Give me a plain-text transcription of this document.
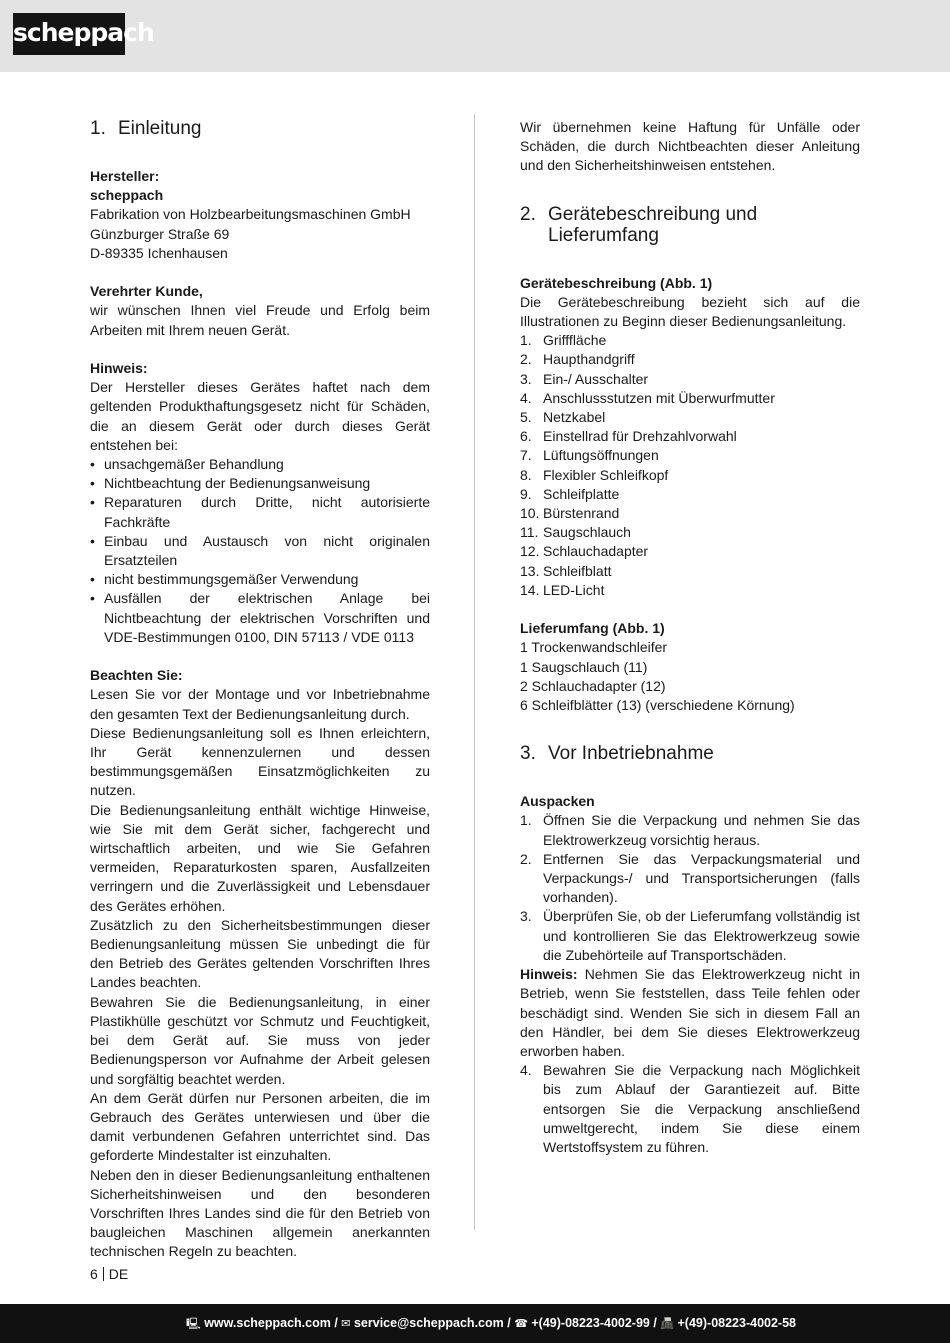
scheppach
1. Einleitung
Hersteller:
scheppach
Fabrikation von Holzbearbeitungsmaschinen GmbH
Günzburger Straße 69
D-89335 Ichenhausen
Verehrter Kunde,
wir wünschen Ihnen viel Freude und Erfolg beim Arbeiten mit Ihrem neuen Gerät.
Hinweis:
Der Hersteller dieses Gerätes haftet nach dem geltenden Produkthaftungsgesetz nicht für Schäden, die an diesem Gerät oder durch dieses Gerät entstehen bei:
• unsachgemäßer Behandlung
• Nichtbeachtung der Bedienungsanweisung
• Reparaturen durch Dritte, nicht autorisierte Fachkräfte
• Einbau und Austausch von nicht originalen Ersatzteilen
• nicht bestimmungsgemäßer Verwendung
• Ausfällen der elektrischen Anlage bei Nichtbeachtung der elektrischen Vorschriften und VDE-Bestimmungen 0100, DIN 57113 / VDE 0113
Beachten Sie:
Lesen Sie vor der Montage und vor Inbetriebnahme den gesamten Text der Bedienungsanleitung durch.
Diese Bedienungsanleitung soll es Ihnen erleichtern, Ihr Gerät kennenzulernen und dessen bestimmungsgemäßen Einsatzmöglichkeiten zu nutzen.
Die Bedienungsanleitung enthält wichtige Hinweise, wie Sie mit dem Gerät sicher, fachgerecht und wirtschaftlich arbeiten, und wie Sie Gefahren vermeiden, Reparaturkosten sparen, Ausfallzeiten verringern und die Zuverlässigkeit und Lebensdauer des Gerätes erhöhen.
Zusätzlich zu den Sicherheitsbestimmungen dieser Bedienungsanleitung müssen Sie unbedingt die für den Betrieb des Gerätes geltenden Vorschriften Ihres Landes beachten.
Bewahren Sie die Bedienungsanleitung, in einer Plastikhülle geschützt vor Schmutz und Feuchtigkeit, bei dem Gerät auf. Sie muss von jeder Bedienungsperson vor Aufnahme der Arbeit gelesen und sorgfältig beachtet werden.
An dem Gerät dürfen nur Personen arbeiten, die im Gebrauch des Gerätes unterwiesen und über die damit verbundenen Gefahren unterrichtet sind. Das geforderte Mindestalter ist einzuhalten.
Neben den in dieser Bedienungsanleitung enthaltenen Sicherheitshinweisen und den besonderen Vorschriften Ihres Landes sind die für den Betrieb von baugleichen Maschinen allgemein anerkannten technischen Regeln zu beachten.
Wir übernehmen keine Haftung für Unfälle oder Schäden, die durch Nichtbeachten dieser Anleitung und den Sicherheitshinweisen entstehen.
2. Gerätebeschreibung und
Lieferumfang
Gerätebeschreibung (Abb. 1)
Die Gerätebeschreibung bezieht sich auf die Illustrationen zu Beginn dieser Bedienungsanleitung.
1. Grifffläche
2. Haupthandgriff
3. Ein-/ Ausschalter
4. Anschlussstutzen mit Überwurfmutter
5. Netzkabel
6. Einstellrad für Drehzahlvorwahl
7. Lüftungsöffnungen
8. Flexibler Schleifkopf
9. Schleifplatte
10. Bürstenrand
11. Saugschlauch
12. Schlauchadapter
13. Schleifblatt
14. LED-Licht
Lieferumfang (Abb. 1)
1 Trockenwandschleifer
1 Saugschlauch (11)
2 Schlauchadapter (12)
6 Schleifblätter (13) (verschiedene Körnung)
3. Vor Inbetriebnahme
Auspacken
1. Öffnen Sie die Verpackung und nehmen Sie das Elektrowerkzeug vorsichtig heraus.
2. Entfernen Sie das Verpackungsmaterial und Verpackungs-/ und Transportsicherungen (falls vorhanden).
3. Überprüfen Sie, ob der Lieferumfang vollständig ist und kontrollieren Sie das Elektrowerkzeug sowie die Zubehörteile auf Transportschäden.
Hinweis: Nehmen Sie das Elektrowerkzeug nicht in Betrieb, wenn Sie feststellen, dass Teile fehlen oder beschädigt sind. Wenden Sie sich in diesem Fall an den Händler, bei dem Sie dieses Elektrowerkzeug erworben haben.
4. Bewahren Sie die Verpackung nach Möglichkeit bis zum Ablauf der Garantiezeit auf. Bitte entsorgen Sie die Verpackung anschließend umweltgerecht, indem Sie diese einem Wertstoffsystem zu führen.
6 DE
🖳 www.scheppach.com / ✉ service@scheppach.com / ☎ +(49)-08223-4002-99 / 📠 +(49)-08223-4002-58
